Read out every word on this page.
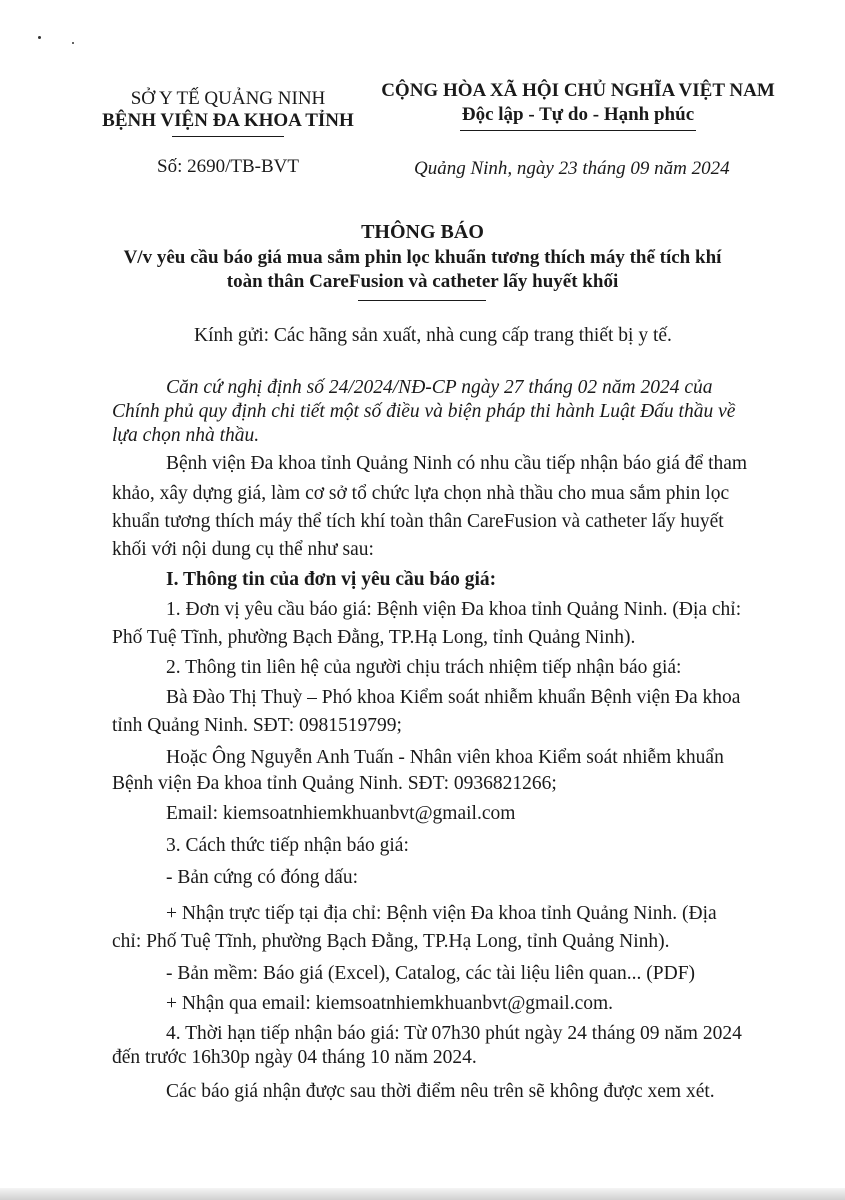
SỞ Y TẾ QUẢNG NINH
BỆNH VIỆN ĐA KHOA TỈNH
CỘNG HÒA XÃ HỘI CHỦ NGHĨA VIỆT NAM
Độc lập - Tự do - Hạnh phúc
Số: 2690/TB-BVT	Quảng Ninh, ngày 23 tháng 09 năm 2024
THÔNG BÁO
V/v yêu cầu báo giá mua sắm phin lọc khuẩn tương thích máy thể tích khí
toàn thân CareFusion và catheter lấy huyết khối
Kính gửi: Các hãng sản xuất, nhà cung cấp trang thiết bị y tế.
Căn cứ nghị định số 24/2024/NĐ-CP ngày 27 tháng 02 năm 2024 của
Chính phủ quy định chi tiết một số điều và biện pháp thi hành Luật Đấu thầu về
lựa chọn nhà thầu.
Bệnh viện Đa khoa tỉnh Quảng Ninh có nhu cầu tiếp nhận báo giá để tham
khảo, xây dựng giá, làm cơ sở tổ chức lựa chọn nhà thầu cho mua sắm phin lọc
khuẩn tương thích máy thể tích khí toàn thân CareFusion và catheter lấy huyết
khối với nội dung cụ thể như sau:
I. Thông tin của đơn vị yêu cầu báo giá:
1. Đơn vị yêu cầu báo giá: Bệnh viện Đa khoa tỉnh Quảng Ninh. (Địa chỉ:
Phố Tuệ Tĩnh, phường Bạch Đằng, TP.Hạ Long, tỉnh Quảng Ninh).
2. Thông tin liên hệ của người chịu trách nhiệm tiếp nhận báo giá:
Bà Đào Thị Thuỳ – Phó khoa Kiểm soát nhiễm khuẩn Bệnh viện Đa khoa
tỉnh Quảng Ninh. SĐT: 0981519799;
Hoặc Ông Nguyễn Anh Tuấn - Nhân viên khoa Kiểm soát nhiễm khuẩn
Bệnh viện Đa khoa tỉnh Quảng Ninh. SĐT: 0936821266;
Email: kiemsoatnhiemkhuanbvt@gmail.com
3. Cách thức tiếp nhận báo giá:
- Bản cứng có đóng dấu:
+ Nhận trực tiếp tại địa chỉ: Bệnh viện Đa khoa tỉnh Quảng Ninh. (Địa
chỉ: Phố Tuệ Tĩnh, phường Bạch Đằng, TP.Hạ Long, tỉnh Quảng Ninh).
- Bản mềm: Báo giá (Excel), Catalog, các tài liệu liên quan... (PDF)
+ Nhận qua email: kiemsoatnhiemkhuanbvt@gmail.com.
4. Thời hạn tiếp nhận báo giá: Từ 07h30 phút ngày 24 tháng 09 năm 2024
đến trước 16h30p ngày 04 tháng 10 năm 2024.
Các báo giá nhận được sau thời điểm nêu trên sẽ không được xem xét.
